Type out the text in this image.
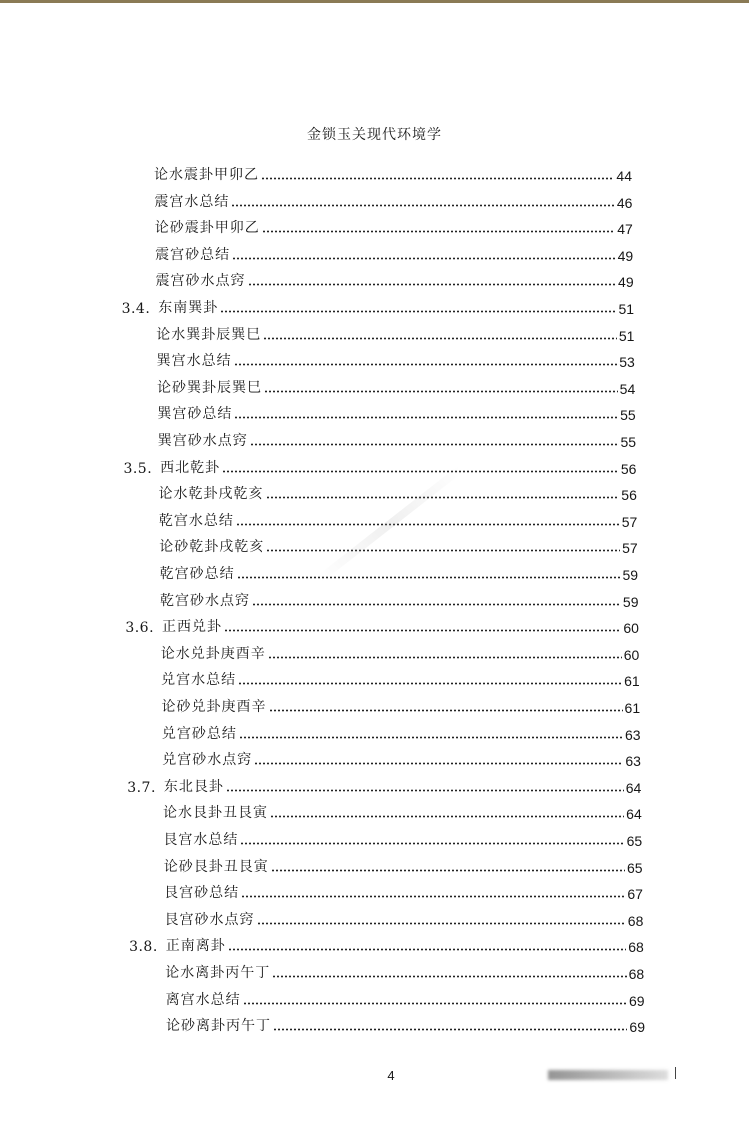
金锁玉关现代环境学
论水震卦甲卯乙	44
震宫水总结	46
论砂震卦甲卯乙	47
震宫砂总结	49
震宫砂水点窍	49
3.4. 东南巽卦	51
论水巽卦辰巽巳	51
巽宫水总结	53
论砂巽卦辰巽巳	54
巽宫砂总结	55
巽宫砂水点窍	55
3.5. 西北乾卦	56
论水乾卦戌乾亥	56
乾宫水总结	57
论砂乾卦戌乾亥	57
乾宫砂总结	59
乾宫砂水点窍	59
3.6. 正西兑卦	60
论水兑卦庚酉辛	60
兑宫水总结	61
论砂兑卦庚酉辛	61
兑宫砂总结	63
兑宫砂水点窍	63
3.7. 东北艮卦	64
论水艮卦丑艮寅	64
艮宫水总结	65
论砂艮卦丑艮寅	65
艮宫砂总结	67
艮宫砂水点窍	68
3.8. 正南离卦	68
论水离卦丙午丁	68
离宫水总结	69
论砂离卦丙午丁	69
4
